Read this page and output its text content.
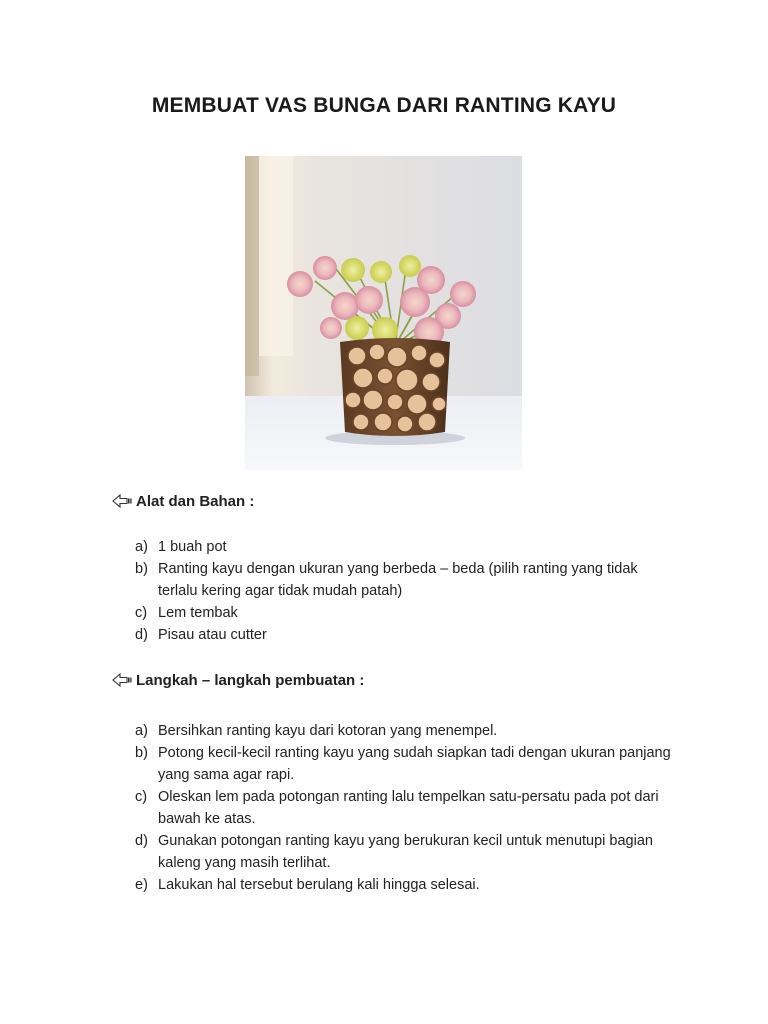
MEMBUAT VAS BUNGA DARI RANTING KAYU
Alat dan Bahan :
a) 1 buah pot
b) Ranting kayu dengan ukuran yang berbeda – beda (pilih ranting yang tidak terlalu kering agar tidak mudah patah)
c) Lem tembak
d) Pisau atau cutter
Langkah – langkah pembuatan :
a) Bersihkan ranting kayu dari kotoran yang menempel.
b) Potong kecil-kecil ranting kayu yang sudah siapkan tadi dengan ukuran panjang yang sama agar rapi.
c) Oleskan lem pada potongan ranting lalu tempelkan satu-persatu pada pot dari bawah ke atas.
d) Gunakan potongan ranting kayu yang berukuran kecil untuk menutupi bagian kaleng yang masih terlihat.
e) Lakukan hal tersebut berulang kali hingga selesai.
